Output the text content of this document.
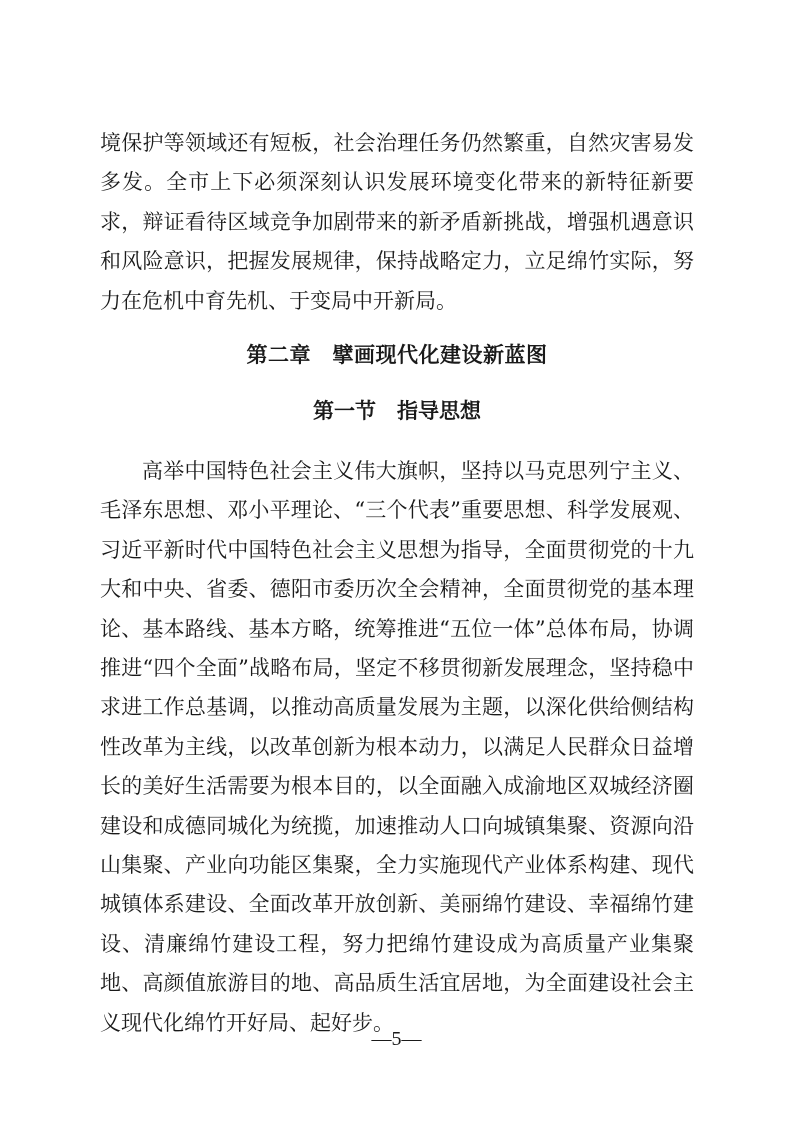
境保护等领域还有短板，社会治理任务仍然繁重，自然灾害易发多发。全市上下必须深刻认识发展环境变化带来的新特征新要求，辩证看待区域竞争加剧带来的新矛盾新挑战，增强机遇意识和风险意识，把握发展规律，保持战略定力，立足绵竹实际，努力在危机中育先机、于变局中开新局。

第二章　擘画现代化建设新蓝图
第一节　指导思想

高举中国特色社会主义伟大旗帜，坚持以马克思列宁主义、毛泽东思想、邓小平理论、“三个代表”重要思想、科学发展观、习近平新时代中国特色社会主义思想为指导，全面贯彻党的十九大和中央、省委、德阳市委历次全会精神，全面贯彻党的基本理论、基本路线、基本方略，统筹推进“五位一体”总体布局，协调推进“四个全面”战略布局，坚定不移贯彻新发展理念，坚持稳中求进工作总基调，以推动高质量发展为主题，以深化供给侧结构性改革为主线，以改革创新为根本动力，以满足人民群众日益增长的美好生活需要为根本目的，以全面融入成渝地区双城经济圈建设和成德同城化为统揽，加速推动人口向城镇集聚、资源向沿山集聚、产业向功能区集聚，全力实施现代产业体系构建、现代城镇体系建设、全面改革开放创新、美丽绵竹建设、幸福绵竹建设、清廉绵竹建设工程，努力把绵竹建设成为高质量产业集聚地、高颜值旅游目的地、高品质生活宜居地，为全面建设社会主义现代化绵竹开好局、起好步。

—5—
